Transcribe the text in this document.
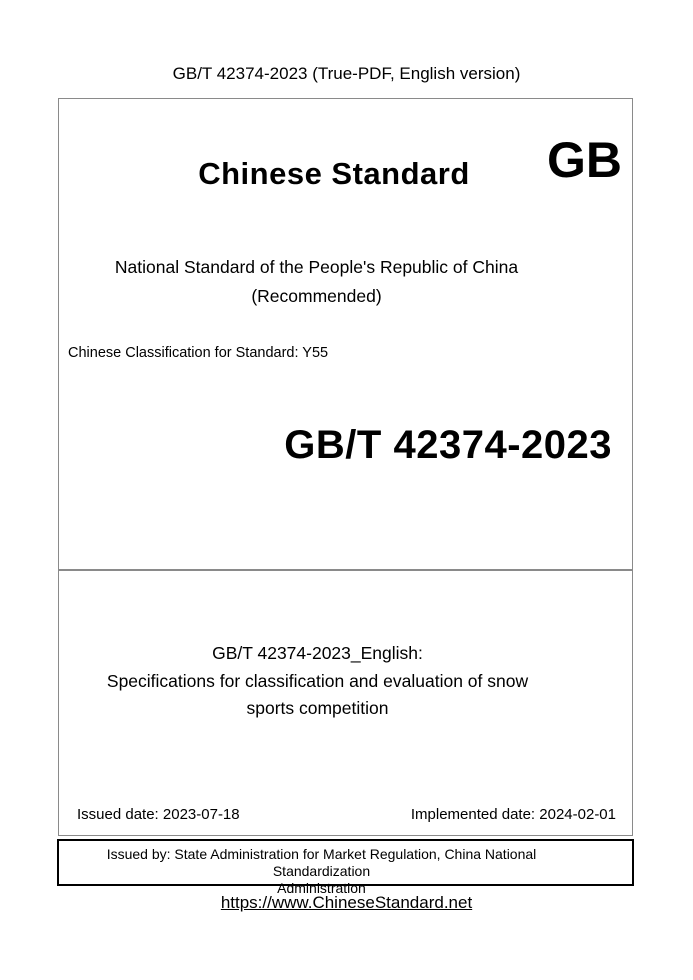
GB/T 42374-2023 (True-PDF, English version)
Chinese Standard	GB
National Standard of the People's Republic of China
(Recommended)
Chinese Classification for Standard: Y55
GB/T 42374-2023
GB/T 42374-2023_English:
Specifications for classification and evaluation of snow
sports competition
Issued date: 2023-07-18	Implemented date: 2024-02-01
Issued by: State Administration for Market Regulation, China National Standardization
Administration
https://www.ChineseStandard.net
